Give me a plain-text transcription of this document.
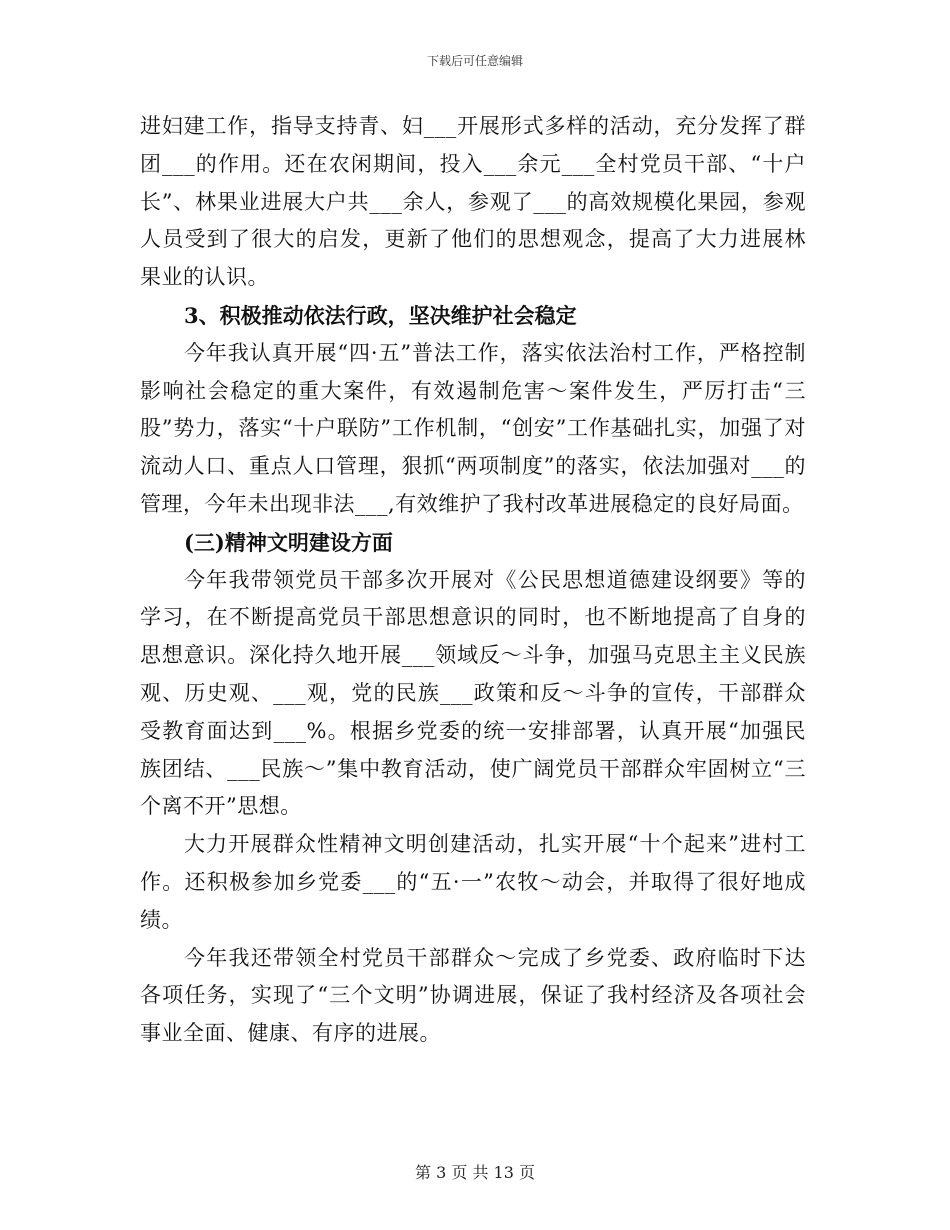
下载后可任意编辑

进妇建工作，指导支持青、妇___开展形式多样的活动，充分发挥了群团___的作用。还在农闲期间，投入___余元___全村党员干部、“十户长”、林果业进展大户共___余人，参观了___的高效规模化果园，参观人员受到了很大的启发，更新了他们的思想观念，提高了大力进展林果业的认识。

3、积极推动依法行政，坚决维护社会稳定

今年我认真开展“四·五”普法工作，落实依法治村工作，严格控制影响社会稳定的重大案件，有效遏制危害～案件发生，严厉打击“三股”势力，落实“十户联防”工作机制，“创安”工作基础扎实，加强了对流动人口、重点人口管理，狠抓“两项制度”的落实，依法加强对___的管理，今年未出现非法___,有效维护了我村改革进展稳定的良好局面。

(三)精神文明建设方面

今年我带领党员干部多次开展对《公民思想道德建设纲要》等的学习，在不断提高党员干部思想意识的同时，也不断地提高了自身的思想意识。深化持久地开展___领域反～斗争，加强马克思主主义民族观、历史观、___观，党的民族___政策和反～斗争的宣传，干部群众受教育面达到___%。根据乡党委的统一安排部署，认真开展“加强民族团结、___民族～”集中教育活动，使广阔党员干部群众牢固树立“三个离不开”思想。

大力开展群众性精神文明创建活动，扎实开展“十个起来”进村工作。还积极参加乡党委___的“五·一”农牧～动会，并取得了很好地成绩。

今年我还带领全村党员干部群众～完成了乡党委、政府临时下达各项任务，实现了“三个文明”协调进展，保证了我村经济及各项社会事业全面、健康、有序的进展。

第 3 页 共 13 页
